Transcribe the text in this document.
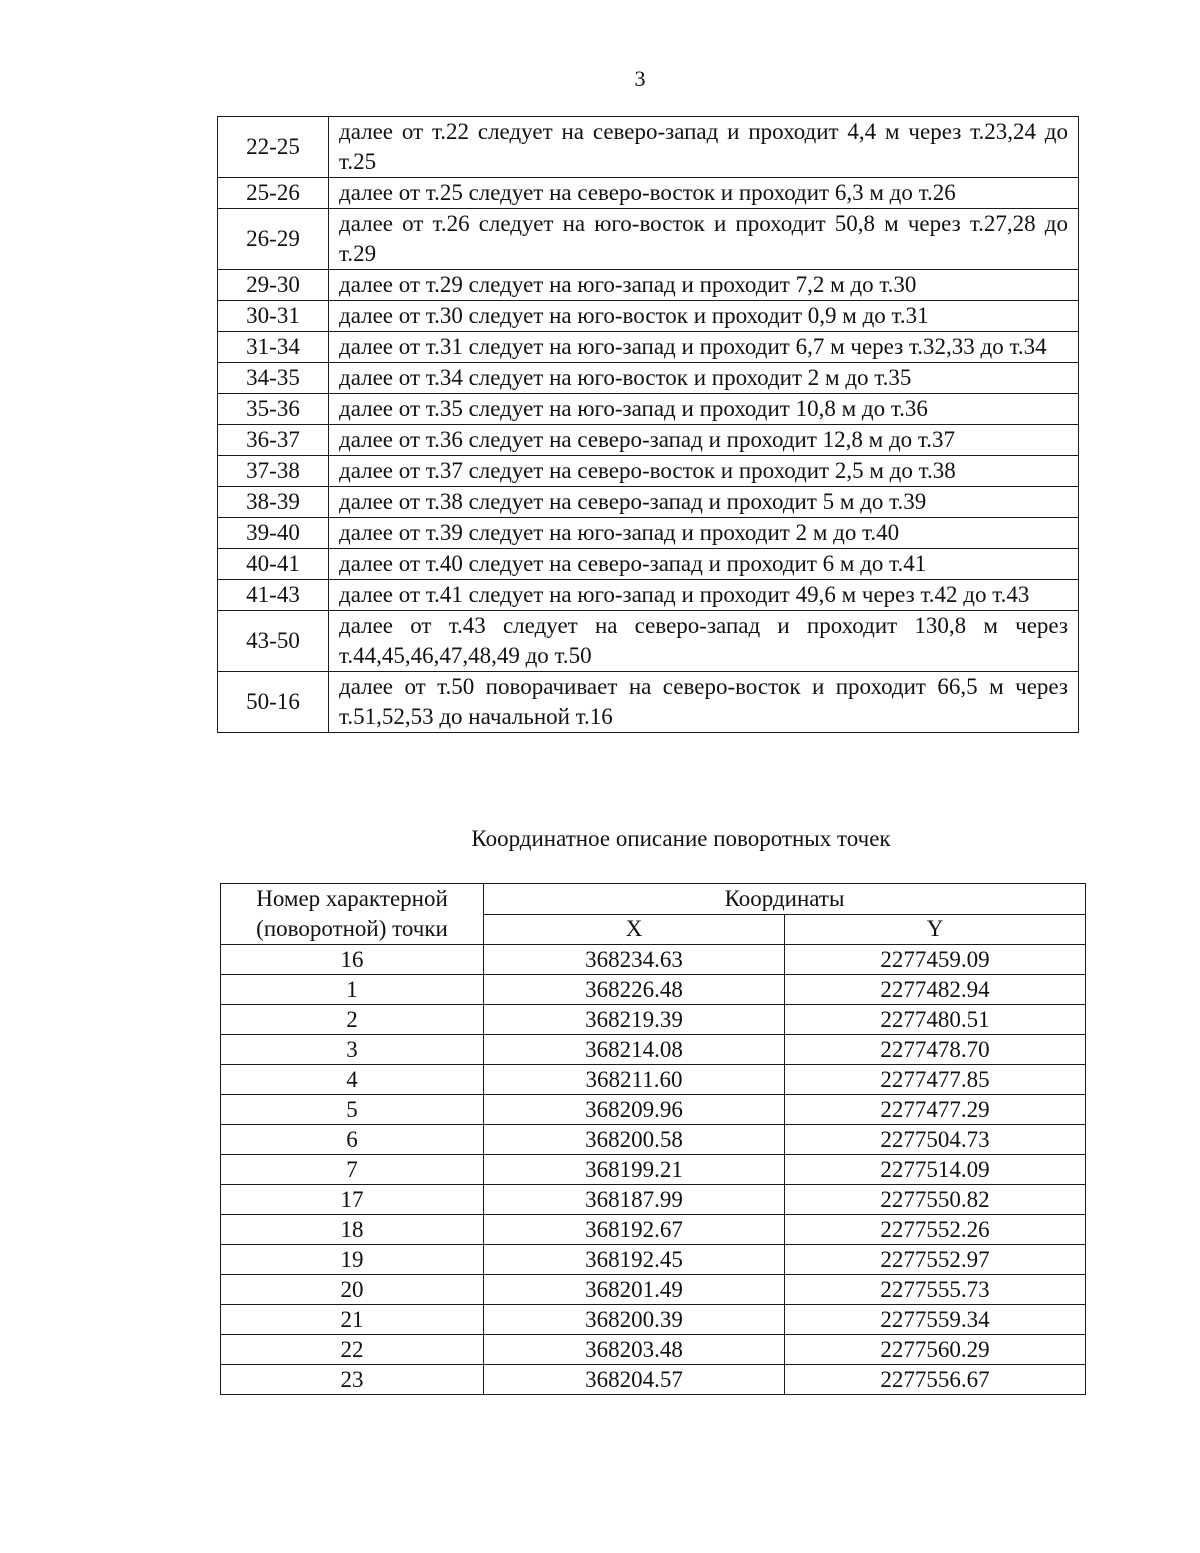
3
22-25	далее от т.22 следует на северо-запад и проходит 4,4 м через т.23,24 до т.25
25-26	далее от т.25 следует на северо-восток и проходит 6,3 м до т.26
26-29	далее от т.26 следует на юго-восток и проходит 50,8 м через т.27,28 до т.29
29-30	далее от т.29 следует на юго-запад и проходит 7,2 м до т.30
30-31	далее от т.30 следует на юго-восток и проходит 0,9 м до т.31
31-34	далее от т.31 следует на юго-запад и проходит 6,7 м через т.32,33 до т.34
34-35	далее от т.34 следует на юго-восток и проходит 2 м до т.35
35-36	далее от т.35 следует на юго-запад и проходит 10,8 м до т.36
36-37	далее от т.36 следует на северо-запад и проходит 12,8 м до т.37
37-38	далее от т.37 следует на северо-восток и проходит 2,5 м до т.38
38-39	далее от т.38 следует на северо-запад и проходит 5 м до т.39
39-40	далее от т.39 следует на юго-запад и проходит 2 м до т.40
40-41	далее от т.40 следует на северо-запад и проходит 6 м до т.41
41-43	далее от т.41 следует на юго-запад и проходит 49,6 м через т.42 до т.43
43-50	далее от т.43 следует на северо-запад и проходит 130,8 м через т.44,45,46,47,48,49 до т.50
50-16	далее от т.50 поворачивает на северо-восток и проходит 66,5 м через т.51,52,53 до начальной т.16
Координатное описание поворотных точек
Номер характерной (поворотной) точки	Координаты	
	X	Y
16	368234.63	2277459.09
1	368226.48	2277482.94
2	368219.39	2277480.51
3	368214.08	2277478.70
4	368211.60	2277477.85
5	368209.96	2277477.29
6	368200.58	2277504.73
7	368199.21	2277514.09
17	368187.99	2277550.82
18	368192.67	2277552.26
19	368192.45	2277552.97
20	368201.49	2277555.73
21	368200.39	2277559.34
22	368203.48	2277560.29
23	368204.57	2277556.67
